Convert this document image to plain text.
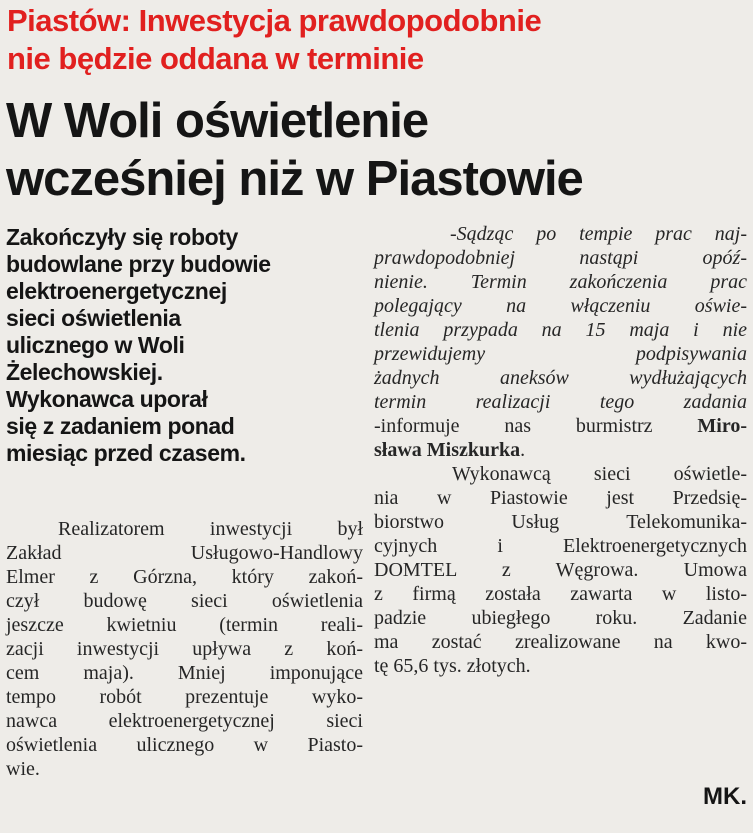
Piastów: Inwestycja prawdopodobnie
nie będzie oddana w terminie
W Woli oświetlenie
wcześniej niż w Piastowie
Zakończyły się roboty
budowlane przy budowie
elektroenergetycznej
sieci oświetlenia
ulicznego w Woli
Żelechowskiej.
Wykonawca uporał
się z zadaniem ponad
miesiąc przed czasem.
Realizatorem inwestycji był
Zakład Usługowo-Handlowy
Elmer z Górzna, który zakoń-
czył budowę sieci oświetlenia
jeszcze kwietniu (termin reali-
zacji inwestycji upływa z koń-
cem maja). Mniej imponujące
tempo robót prezentuje wyko-
nawca elektroenergetycznej sieci
oświetlenia ulicznego w Piasto-
wie.
-Sądząc po tempie prac naj-
prawdopodobniej nastąpi opóź-
nienie. Termin zakończenia prac
polegający na włączeniu oświe-
tlenia przypada na 15 maja i nie
przewidujemy podpisywania
żadnych aneksów wydłużających
termin realizacji tego zadania
-informuje nas burmistrz Miro-
sława Miszkurka.
Wykonawcą sieci oświetle-
nia w Piastowie jest Przedsię-
biorstwo Usług Telekomunika-
cyjnych i Elektroenergetycznych
DOMTEL z Węgrowa. Umowa
z firmą została zawarta w listo-
padzie ubiegłego roku. Zadanie
ma zostać zrealizowane na kwo-
tę 65,6 tys. złotych.
MK.
